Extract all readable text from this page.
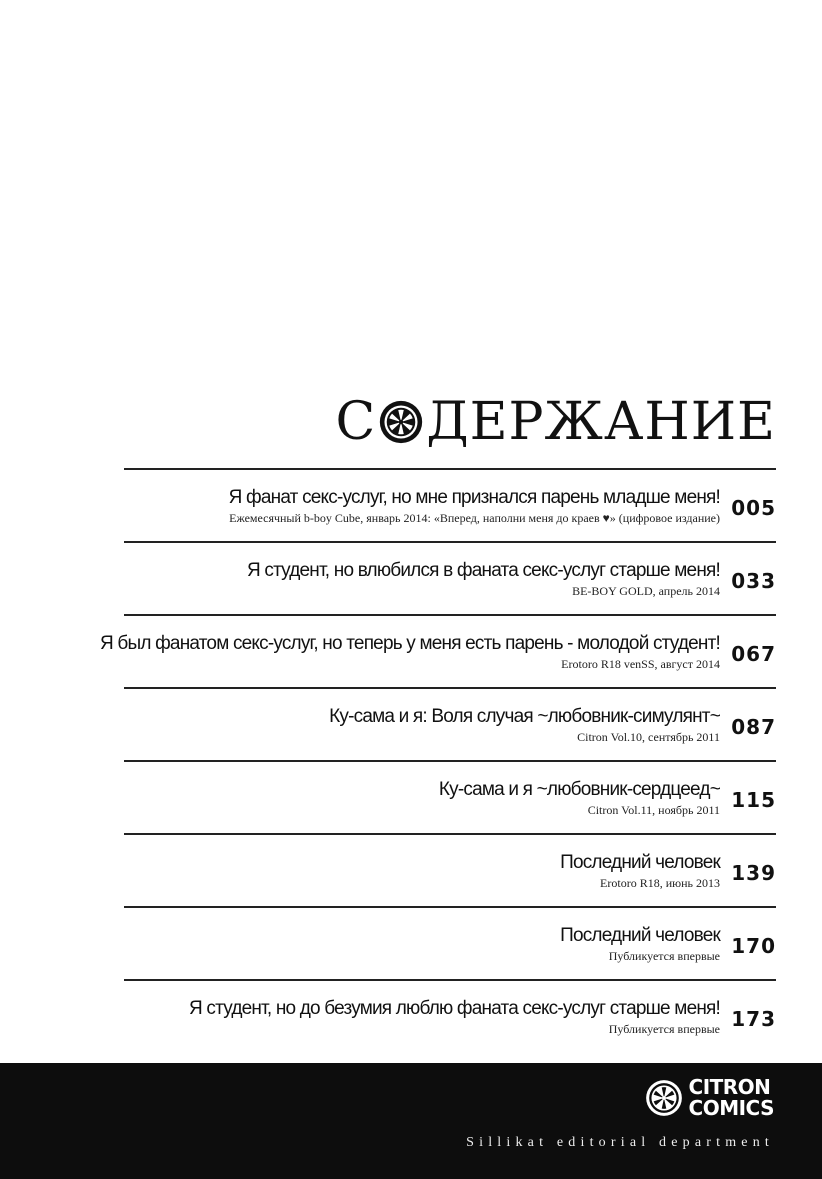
С ДЕРЖАНИЕ
Я фанат секс-услуг, но мне признался парень младше меня!
Ежемесячный b-boy Cube, январь 2014: «Вперед, наполни меня до краев ♥» (цифровое издание) 005
Я студент, но влюбился в фаната секс-услуг старше меня!
BE-BOY GOLD, апрель 2014 033
Я был фанатом секс-услуг, но теперь у меня есть парень - молодой студент!
Erotoro R18 venSS, август 2014 067
Ку-сама и я: Воля случая ~любовник-симулянт~
Citron Vol.10, сентябрь 2011 087
Ку-сама и я ~любовник-сердцеед~
Citron Vol.11, ноябрь 2011 115
Последний человек
Erotoro R18, июнь 2013 139
Последний человек
Публикуется впервые 170
Я студент, но до безумия люблю фаната секс-услуг старше меня!
Публикуется впервые 173
CITRON
COMICS
Sillikat editorial department
